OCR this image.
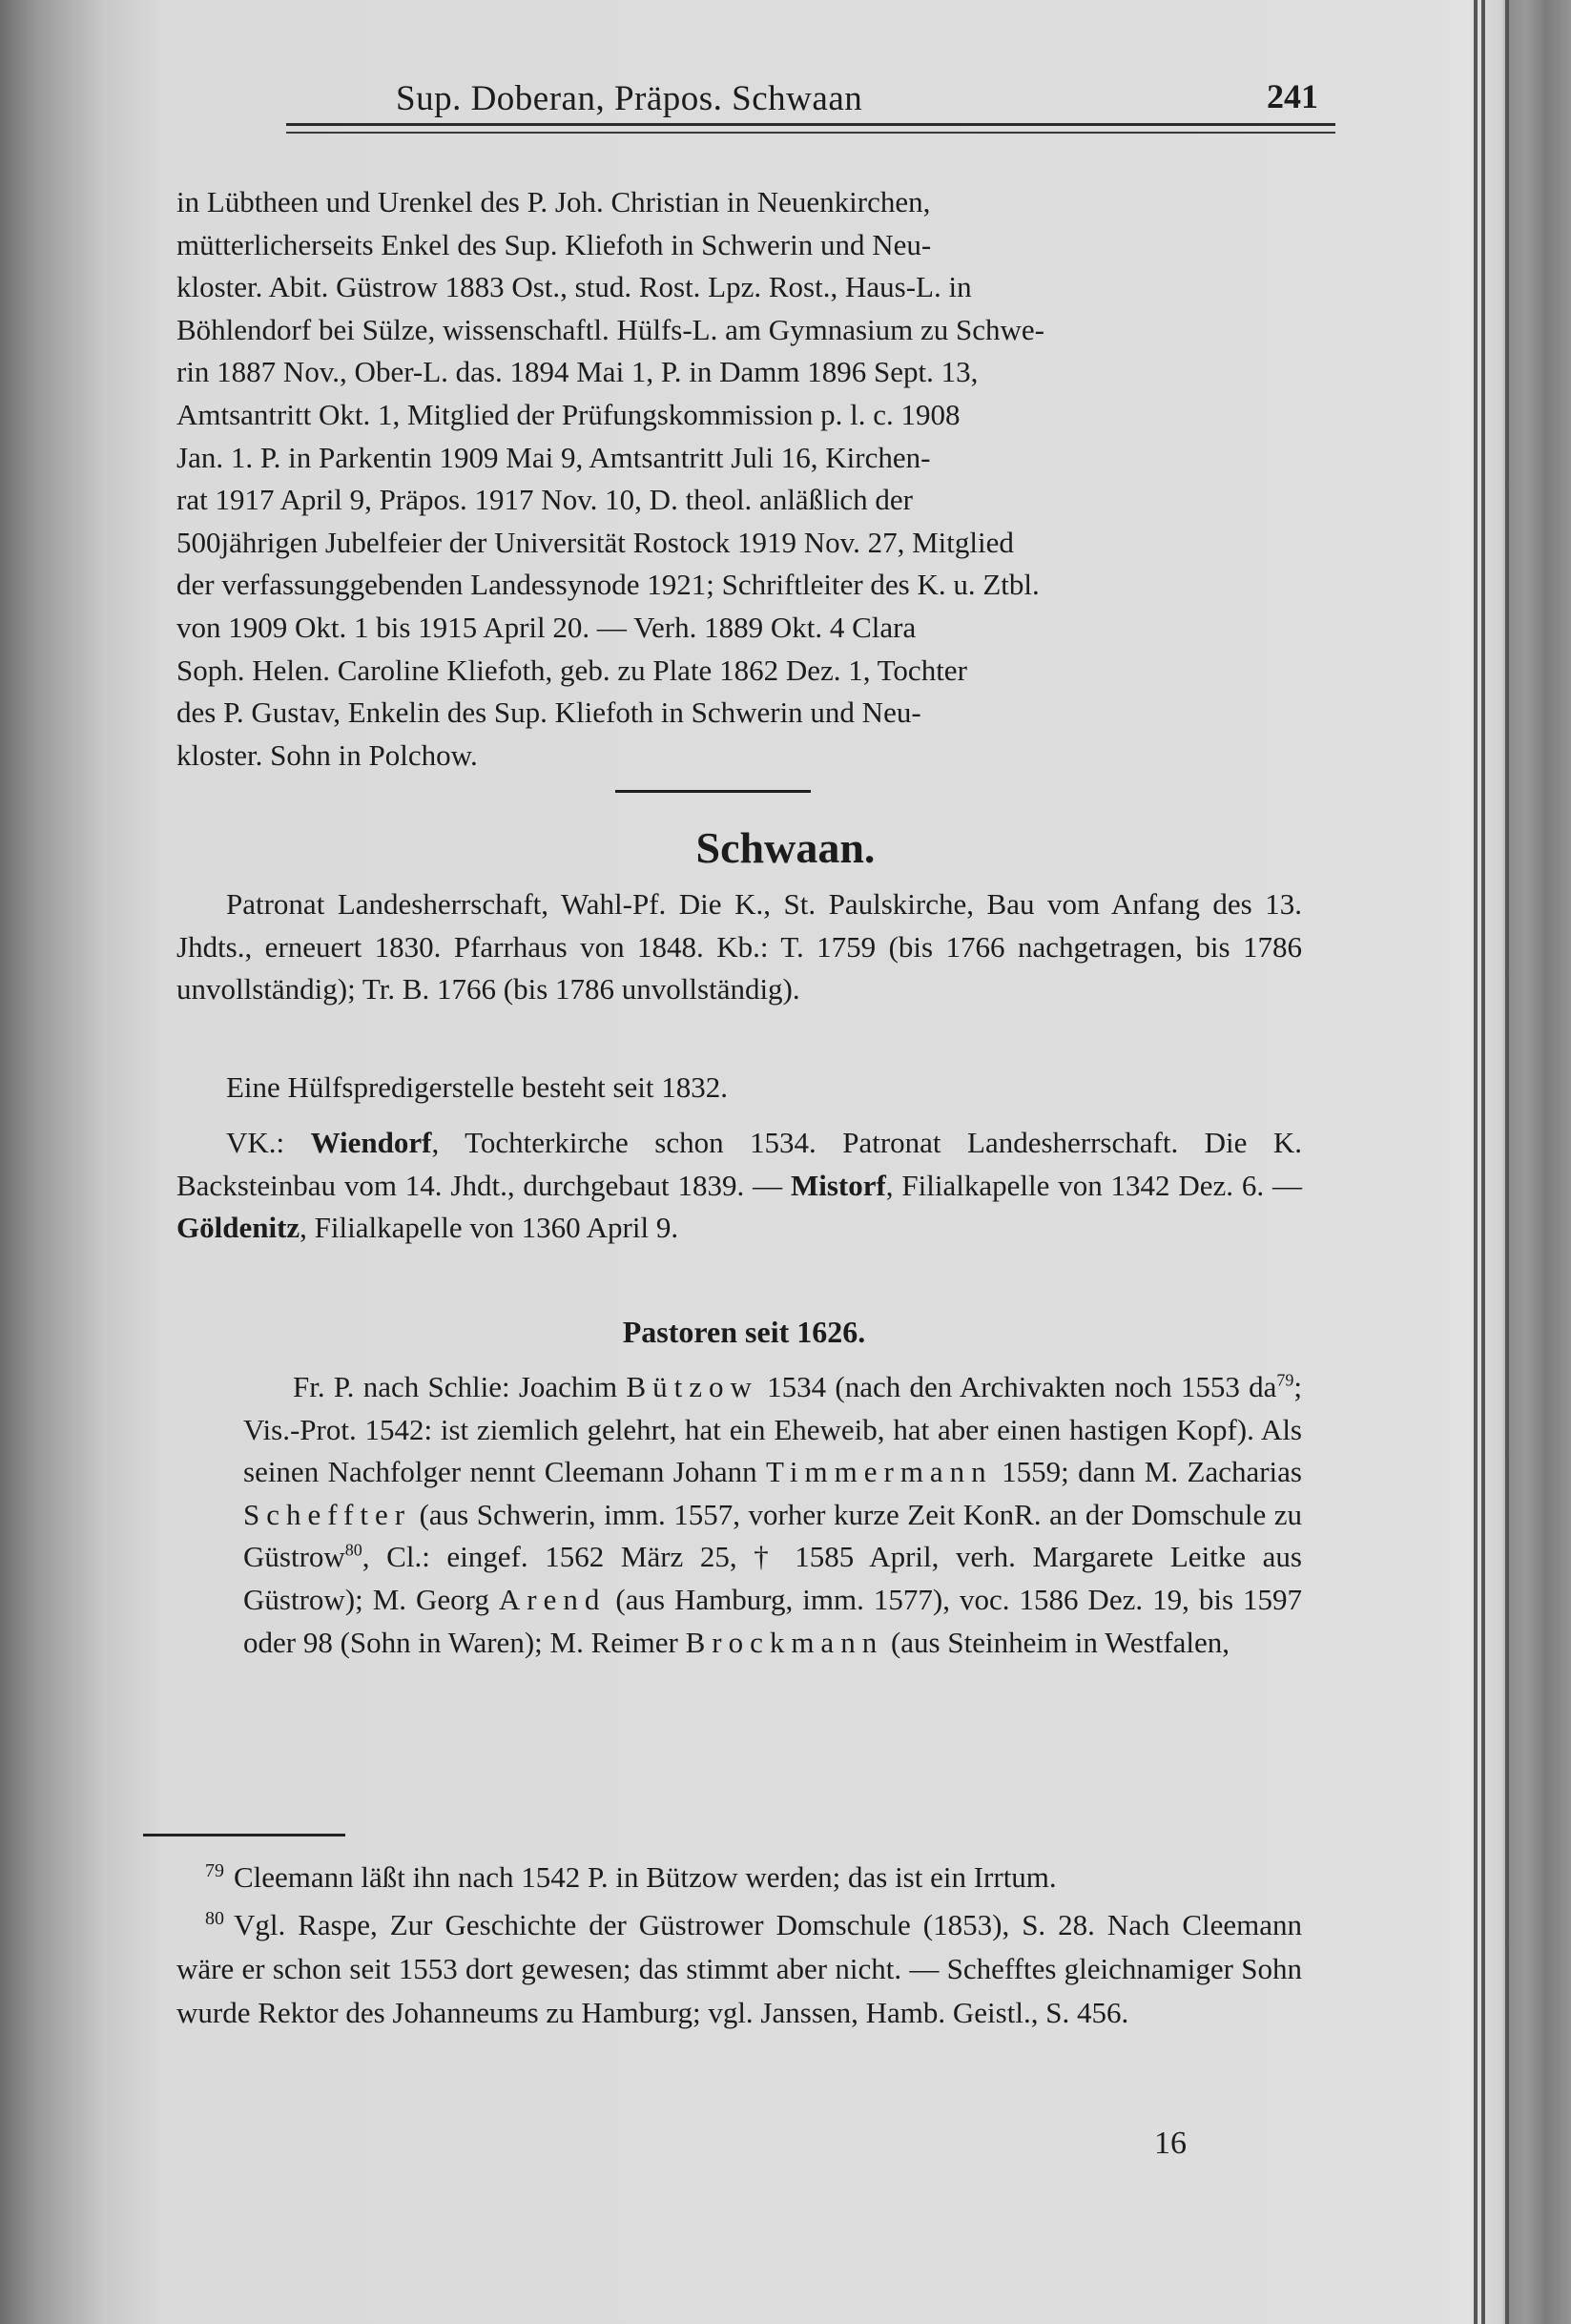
Sup. Doberan, Präpos. Schwaan	241
in Lübtheen und Urenkel des P. Joh. Christian in Neuenkirchen,
mütterlicherseits Enkel des Sup. Kliefoth in Schwerin und Neu-
kloster. Abit. Güstrow 1883 Ost., stud. Rost. Lpz. Rost., Haus-L. in
Böhlendorf bei Sülze, wissenschaftl. Hülfs-L. am Gymnasium zu Schwe-
rin 1887 Nov., Ober-L. das. 1894 Mai 1, P. in Damm 1896 Sept. 13,
Amtsantritt Okt. 1, Mitglied der Prüfungskommission p. l. c. 1908
Jan. 1. P. in Parkentin 1909 Mai 9, Amtsantritt Juli 16, Kirchen-
rat 1917 April 9, Präpos. 1917 Nov. 10, D. theol. anläßlich der
500jährigen Jubelfeier der Universität Rostock 1919 Nov. 27, Mitglied
der verfassunggebenden Landessynode 1921; Schriftleiter des K. u. Ztbl.
von 1909 Okt. 1 bis 1915 April 20. — Verh. 1889 Okt. 4 Clara
Soph. Helen. Caroline Kliefoth, geb. zu Plate 1862 Dez. 1, Tochter
des P. Gustav, Enkelin des Sup. Kliefoth in Schwerin und Neu-
kloster. Sohn in Polchow.
Schwaan.

Patronat Landesherrschaft, Wahl-Pf. Die K., St. Paulskirche, Bau vom Anfang des 13. Jhdts., erneuert 1830. Pfarrhaus von 1848. Kb.: T. 1759 (bis 1766 nachgetragen, bis 1786 unvollständig); Tr. B. 1766 (bis 1786 unvollständig).

Eine Hülfspredigerstelle besteht seit 1832.

VK.: Wiendorf, Tochterkirche schon 1534. Patronat Landesherrschaft. Die K. Backsteinbau vom 14. Jhdt., durchgebaut 1839. — Mistorf, Filialkapelle von 1342 Dez. 6. — Göldenitz, Filialkapelle von 1360 April 9.

Pastoren seit 1626.

Fr. P. nach Schlie: Joachim Bützow 1534 (nach den Archivakten noch 1553 $da^{79}$; Vis.-Prot. 1542: ist ziemlich gelehrt, hat ein Eheweib, hat aber einen hastigen Kopf). Als seinen Nachfolger nennt Cleemann Johann Timmermann 1559; dann M. Zacharias Scheffter (aus Schwerin, imm. 1557, vorher kurze Zeit KonR. an der Domschule zu Güstrow$^{80}$, Cl.: eingef. 1562 März 25, † 1585 April, verh. Margarete Leitke aus Güstrow); M. Georg Arend (aus Hamburg, imm. 1577), voc. 1586 Dez. 19, bis 1597 oder 98 (Sohn in Waren); M. Reimer Brockmann (aus Steinheim in Westfalen,

$^{79}$ Cleemann läßt ihn nach 1542 P. in Bützow werden; das ist ein Irrtum.

$^{80}$ Vgl. Raspe, Zur Geschichte der Güstrower Domschule (1853), S. 28. Nach Cleemann wäre er schon seit 1553 dort gewesen; das stimmt aber nicht. — Schefftes gleichnamiger Sohn wurde Rektor des Johanneums zu Hamburg; vgl. Janssen, Hamb. Geistl., S. 456.

16
